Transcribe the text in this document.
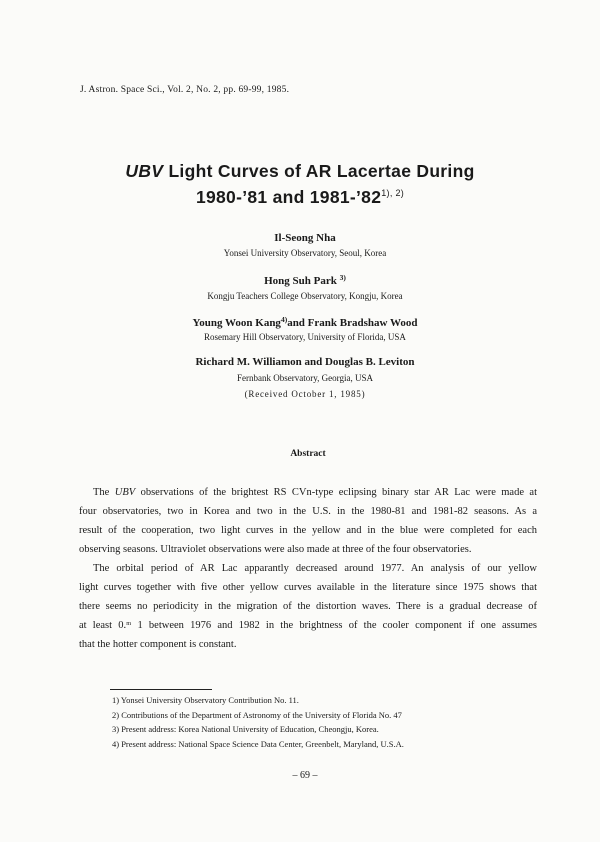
J. Astron. Space Sci., Vol. 2, No. 2, pp. 69-99, 1985.
UBV Light Curves of AR Lacertae During
1980-’81 and $1981-’82^{1), 2)}$
Il-Seong Nha
Yonsei University Observatory, Seoul, Korea
Hong Suh Park $^{3)}$
Kongju Teachers College Observatory, Kongju, Korea
Young Woon Kang$^{4)}$and Frank Bradshaw Wood
Rosemary Hill Observatory, University of Florida, USA
Richard M. Williamon and Douglas B. Leviton
Fernbank Observatory, Georgia, USA
(Received October 1, 1985)
Abstract
The UBV observations of the brightest RS CVn-type eclipsing binary star AR Lac were made at
four observatories, two in Korea and two in the U.S. in the 1980-81 and 1981-82 seasons. As a
result of the cooperation, two light curves in the yellow and in the blue were completed for each
observing seasons. Ultraviolet observations were also made at three of the four observatories.
The orbital period of AR Lac apparantly decreased around 1977. An analysis of our yellow
light curves together with five other yellow curves available in the literature since 1975 shows that
there seems no periodicity in the migration of the distortion waves. There is a gradual decrease of
at least 0.ᵐ 1 between 1976 and 1982 in the brightness of the cooler component if one assumes
that the hotter component is constant.
1) Yonsei University Observatory Contribution No. 11.
2) Contributions of the Department of Astronomy of the University of Florida No. 47
3) Present address: Korea National University of Education, Cheongju, Korea.
4) Present address: National Space Science Data Center, Greenbelt, Maryland, U.S.A.
– 69 –
